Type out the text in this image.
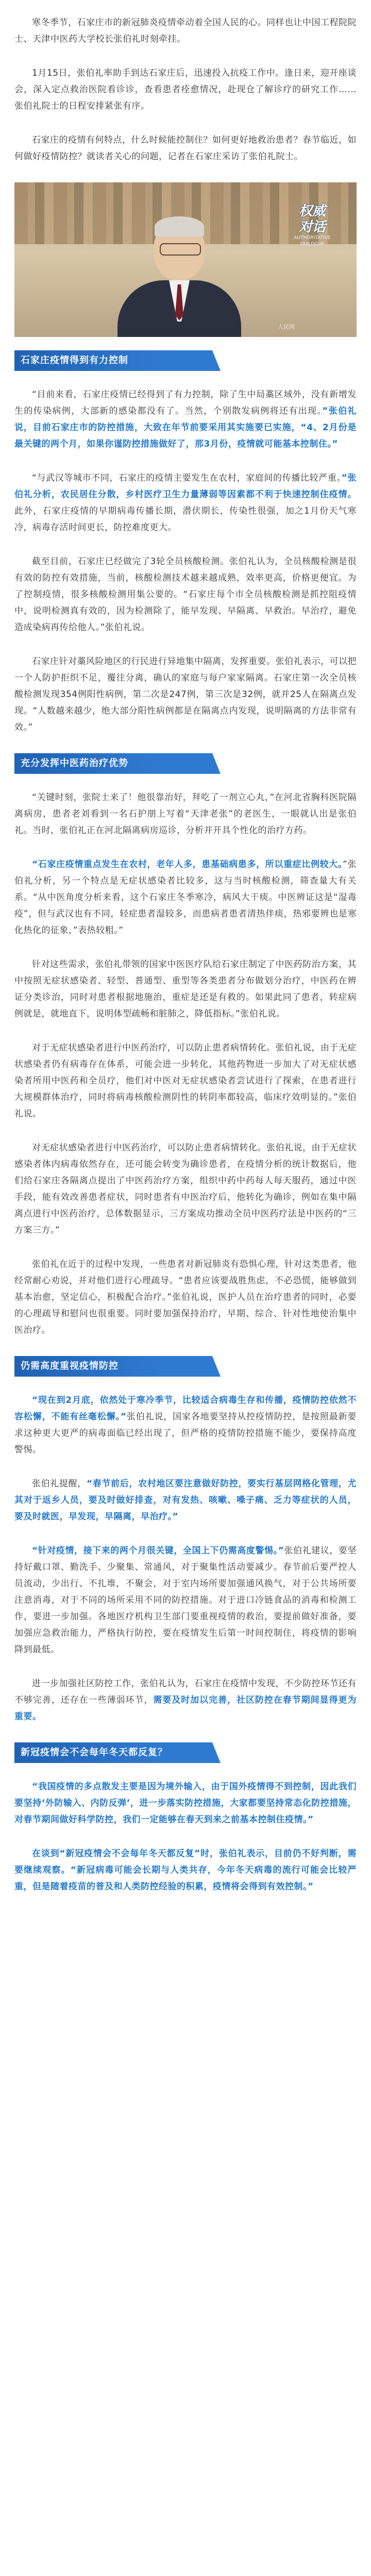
寒冬季节，石家庄市的新冠肺炎疫情牵动着全国人民的心。同样也让中国工程院院士、天津中医药大学校长张伯礼时刻牵挂。

1月15日，张伯礼率助手到达石家庄后，迅速投入抗疫工作中。逢日来，迎开座谈会，深入定点救治医院看诊诊，查看患者痊愈情况，赴现仓了解诊疗的研究工作……张伯礼院士的日程安排紧张有序。

石家庄的疫情有何特点，什么时候能控制住？如何更好地救治患者？春节临近，如何做好疫情防控？就读者关心的问题，记者在石家庄采访了张伯礼院士。

权威
对话
AUTHORITATIVE DIALOGUE
人民网
石家庄疫情得到有力控制

“目前来看，石家庄疫情已经得到了有力控制，除了生中局藁区域外，没有新增发生的传染病例，大部新的感染都没有了。当然，个别散发病例将还有出现。”张伯礼说，目前石家庄市的防控措施，大致在年节前要采用其实施要已实施，“4、2月份是最关键的两个月，如果你谨防控措施做好了，那3月份，疫情就可能基本控制住。”

“与武汉等城市不同，石家庄的疫情主要发生在农村，家庭间的传播比较严重。”张伯礼分析，农民居住分散，乡村医疗卫生力量薄弱等因素都不利于快速控制住疫情。此外，石家庄疫情的早期病毒传播长期，潜伏期长，传染性很强，加之1月份天气寒冷，病毒存活时间更长，防控难度更大。

截至目前，石家庄已经做完了3轮全员核酸检测。张伯礼认为，全员核酸检测是很有效的防控有效措施，当前，核酸检测技术越来越成熟，效率更高，价格更便宜。为了控制疫情，很多核酸检测用集公要的。“石家庄每个市全员核酸检测是抓控阻疫情中，说明检测真有效的，因为检测除了，能早发现、早隔离、早救治。早治疗，避免造成染病再传给他人。”张伯礼说。

石家庄针对藁风险地区的行民进行异地集中隔离，发挥重要。张伯礼表示，可以把一个人防护拒织不足，覆往分离，确认的家庭与每户家家隔离。石家庄第一次全员核酸检测发现354例阳性病例，第二次是247例，第三次是32例，就并25人在隔离点发现。“人数越来越少，绝大部分阳性病例都是在隔离点内发现，说明隔离的方法非常有效。”

充分发挥中医药治疗优势

“关键时刻，张院士来了！他很靠治好，拜吃了一剂立心丸，”在河北省胸科医院隔离病房，患者老刘看到一名石护朋上写着“天津老张”的老医生，一眼就认出是张伯礼。当时，张伯礼正在河北隔离病房巡诊，分析并开具个性化的治疗方药。

“石家庄疫情重点发生在农村，老年人多，患基础病患多，所以重症比例较大。”张伯礼分析，另一个特点是无症状感染者比较多，这与当时核酸检测，筛查量大有关系。“从中医角度分析来看，这个石家庄冬季寒冷，病风大干痰。中医辨证这是“湿毒疫”，但与武汉也有不同，轻症患者湿较多，而患病者患者清热伴痰，热邪要辨也是寒化热化的征象，”表热较粗。”

针对这些需求，张伯礼带领的国家中医医疗队给石家庄制定了中医药防治方案，其中按照无症状感染者、轻型、普通型、重型等各类患者分布做划分治疗，中医药在辨证分类诊治，同时对患者根据地施治，重症是还是有救的。如果此同了患者，转症病例就是，就地直下，说明体型疏畅和脏肺之，降低指标。”张伯礼说。

对于无症状感染者进行中医药治疗，可以防止患者病情转化。张伯礼说，由于无症状感染者仍有病毒存在体系，可能会进一步转化，其他药物进一步加大了对无症状感染者所用中医药和全员疗，他们对中医对无症状感染者尝试进行了探索，在患者进行大规模群体治疗，同时将病毒核酸检测阴性的转阴率都较高，临床疗效明显的。”张伯礼说。

对无症状感染者进行中医药治疗，可以防止患者病情转化。张伯礼说，由于无症状感染者体内病毒依然存在，还可能会转变为确诊患者，在疫情分析的统计数据后，他们给石家庄各隔离点提出了中医药治疗方案，组织中药中药每人每天服药，通过中医手段，能有效改善患者症状，同时患者有中医治疗后，他转化为确诊，例如在集中隔离点进行中医药治疗，总体数据显示，三方案成功推动全员中医药疗法是中医药的“三方案三方。”

张伯礼在近于的过程中发现，一些患者对新冠肺炎有恐惧心理，针对这类患者，他经常耐心劝说，并对他们进行心理疏导。“患者应该要战胜焦虑，不必恐慌，能够做到基本治愈，坚定信心，积极配合治疗。”张伯礼说，医护人员在治疗患者的同时，必要的心理疏导和慰问也很重要。同时要加强保持治疗，早期、综合、针对性地使治集中医治疗。

仍需高度重视疫情防控

“现在到2月底，依然处于寒冷季节，比较适合病毒生存和传播，疫情防控依然不容松懈，不能有丝毫松懈。”张伯礼说，国家各地要坚持从控疫情防控，是按照最新要求这种更大更严的病毒面临已经出现了，但严格的疫情防控措施不能少，要保持高度警惕。

张伯礼提醒，“春节前后，农村地区要注意做好防控，要实行基层网格化管理，尤其对于返乡人员，要及时做好排查，对有发热、咳嗽、嗓子痛、乏力等症状的人员，要及时就医，早发现，早隔离，早治疗。”

“针对疫情，接下来的两个月很关键，全国上下仍需高度警惕。”张伯礼建议，要坚持好戴口罩、勤洗手、少聚集、常通风，对于聚集性活动要减少。春节前后要严控人员流动，少出行、不扎堆，不聚会，对于室内场所要加强通风换气，对于公共场所要注意消毒，对于不同的场所采用不同的防控措施。对于进口冷链食品的消毒和检测工作，要进一步加强。各地医疗机构卫生部门要重视疫情的救治，要提前做好准备，要加强应急救治能力，严格执行防控，要在疫情发生后第一时间控制住，将疫情的影响降到最低。

进一步加强社区防控工作，张伯礼认为，石家庄在疫情中发现，不少防控环节还有不够完善，还存在一些薄弱环节，需要及时加以完善，社区防控在春节期间显得更为重要。

新冠疫情会不会每年冬天都反复？

“我国疫情的多点散发主要是因为境外输入，由于国外疫情得不到控制，因此我们要坚持‘外防输入、内防反弹’，进一步落实防控措施，大家都要坚持常态化防控措施，对春节期间做好科学防控，我们一定能够在春天到来之前基本控制住疫情。”

在谈到“新冠疫情会不会每年冬天都反复”时，张伯礼表示，目前仍不好判断，需要继续观察。“新冠病毒可能会长期与人类共存，今年冬天病毒的流行可能会比较严重，但是随着疫苗的普及和人类防控经验的积累，疫情将会得到有效控制。”
